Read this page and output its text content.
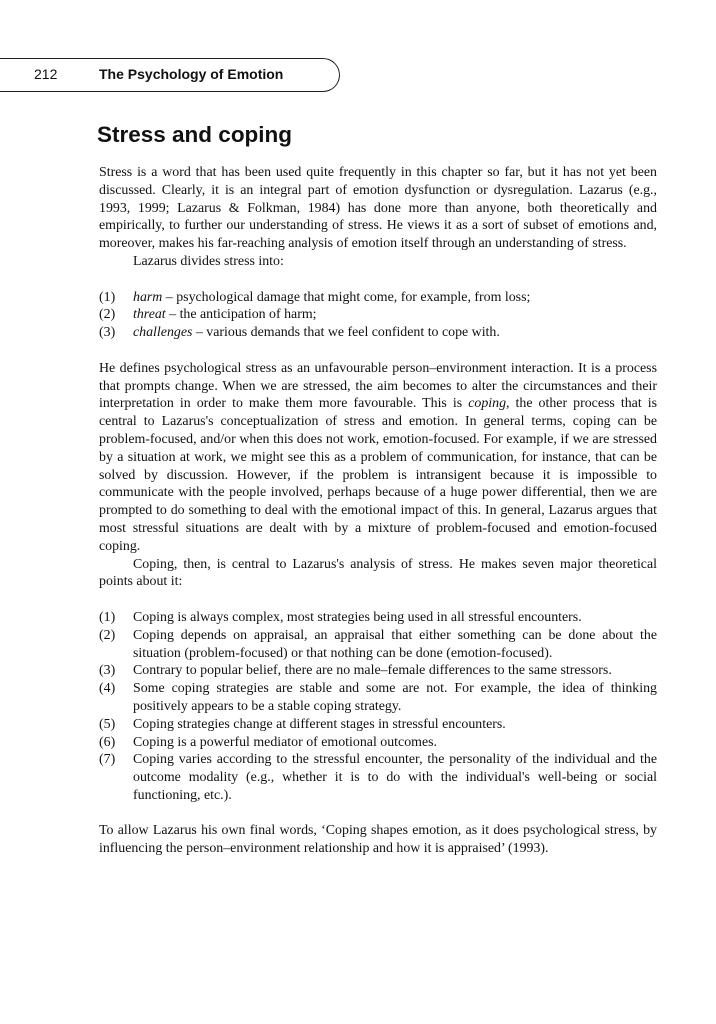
212	The Psychology of Emotion
Stress and coping

Stress is a word that has been used quite frequently in this chapter so far, but it has not yet been discussed. Clearly, it is an integral part of emotion dysfunction or dysregulation. Lazarus (e.g., 1993, 1999; Lazarus & Folkman, 1984) has done more than anyone, both theoretically and empirically, to further our understanding of stress. He views it as a sort of subset of emotions and, moreover, makes his far-reaching analysis of emotion itself through an understanding of stress.

Lazarus divides stress into:

(1)	harm – psychological damage that might come, for example, from loss;
(2)	threat – the anticipation of harm;
(3)	challenges – various demands that we feel confident to cope with.

He defines psychological stress as an unfavourable person–environment interaction. It is a process that prompts change. When we are stressed, the aim becomes to alter the circumstances and their interpretation in order to make them more favourable. This is coping, the other process that is central to Lazarus's conceptualization of stress and emotion. In general terms, coping can be problem-focused, and/or when this does not work, emotion-focused. For example, if we are stressed by a situation at work, we might see this as a problem of communication, for instance, that can be solved by discussion. However, if the problem is intransigent because it is impossible to communicate with the people involved, perhaps because of a huge power differential, then we are prompted to do something to deal with the emotional impact of this. In general, Lazarus argues that most stressful situations are dealt with by a mixture of problem-focused and emotion-focused coping.

Coping, then, is central to Lazarus's analysis of stress. He makes seven major theoretical points about it:

(1)	Coping is always complex, most strategies being used in all stressful encounters.
(2)	Coping depends on appraisal, an appraisal that either something can be done about the situation (problem-focused) or that nothing can be done (emotion-focused).
(3)	Contrary to popular belief, there are no male–female differences to the same stressors.
(4)	Some coping strategies are stable and some are not. For example, the idea of thinking positively appears to be a stable coping strategy.
(5)	Coping strategies change at different stages in stressful encounters.
(6)	Coping is a powerful mediator of emotional outcomes.
(7)	Coping varies according to the stressful encounter, the personality of the individual and the outcome modality (e.g., whether it is to do with the individual's well-being or social functioning, etc.).

To allow Lazarus his own final words, ‘Coping shapes emotion, as it does psychological stress, by influencing the person–environment relationship and how it is appraised’ (1993).
